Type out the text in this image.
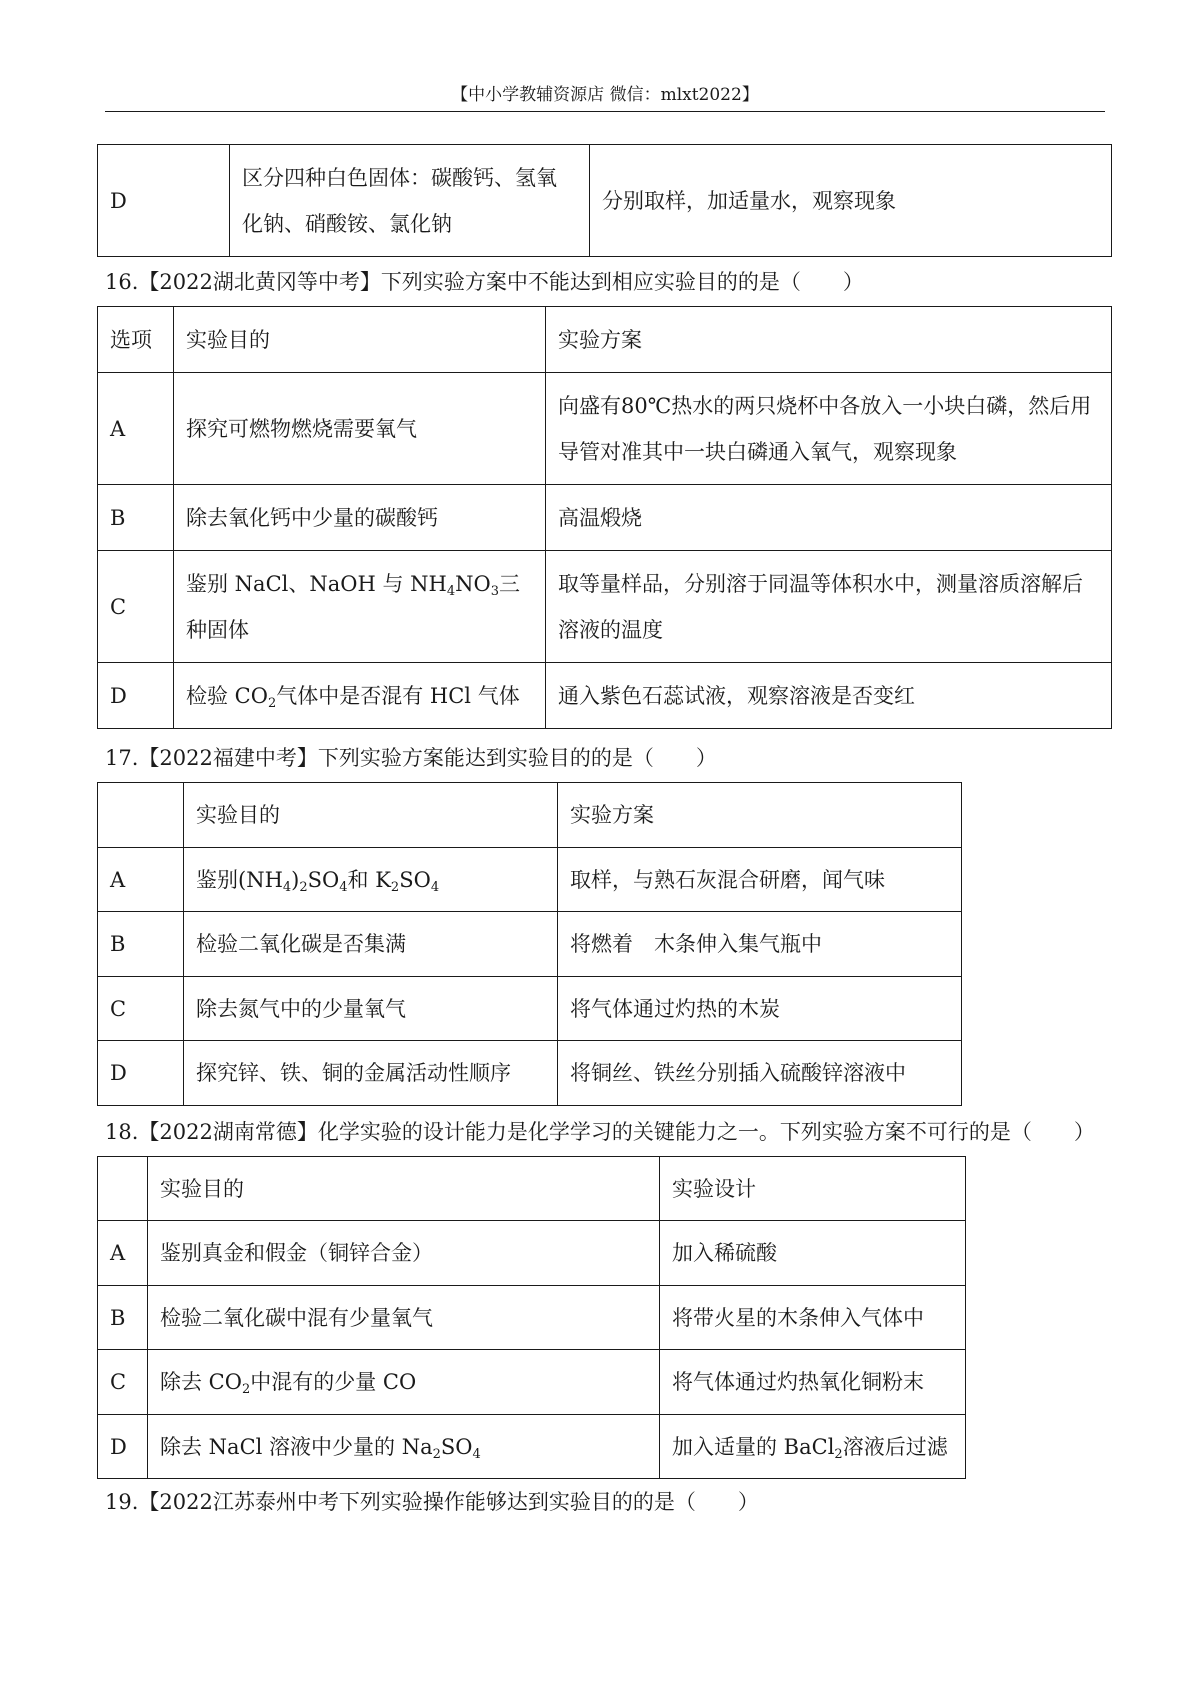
【中小学教辅资源店 微信：mlxt2022】
D	区分四种白色固体：碳酸钙、氢氧化钠、硝酸铵、氯化钠	分别取样，加适量水，观察现象
16.【2022湖北黄冈等中考】下列实验方案中不能达到相应实验目的的是（　　）
选项	实验目的	实验方案
A	探究可燃物燃烧需要氧气	向盛有80℃热水的两只烧杯中各放入一小块白磷，然后用导管对准其中一块白磷通入氧气，观察现象
B	除去氧化钙中少量的碳酸钙	高温煅烧
C	鉴别 NaCl、NaOH 与 $NH_4NO_3$三种固体	取等量样品，分别溶于同温等体积水中，测量溶质溶解后溶液的温度
D	检验 $CO_2$气体中是否混有 HCl 气体	通入紫色石蕊试液，观察溶液是否变红
17.【2022福建中考】下列实验方案能达到实验目的的是（　　）
	实验目的	实验方案
A	鉴别$(NH_4)_2SO_4$和 $K_2SO_4$	取样，与熟石灰混合研磨，闻气味
B	检验二氧化碳是否集满	将燃着　木条伸入集气瓶中
C	除去氮气中的少量氧气	将气体通过灼热的木炭
D	探究锌、铁、铜的金属活动性顺序	将铜丝、铁丝分别插入硫酸锌溶液中
18.【2022湖南常德】化学实验的设计能力是化学学习的关键能力之一。下列实验方案不可行的是（　　）
	实验目的	实验设计
A	鉴别真金和假金（铜锌合金）	加入稀硫酸
B	检验二氧化碳中混有少量氧气	将带火星的木条伸入气体中
C	除去 $CO_2$中混有的少量 CO	将气体通过灼热氧化铜粉末
D	除去 NaCl 溶液中少量的 $Na_2SO_4$	加入适量的 BaCl$_2$溶液后过滤
19.【2022江苏泰州中考下列实验操作能够达到实验目的的是（　　）
